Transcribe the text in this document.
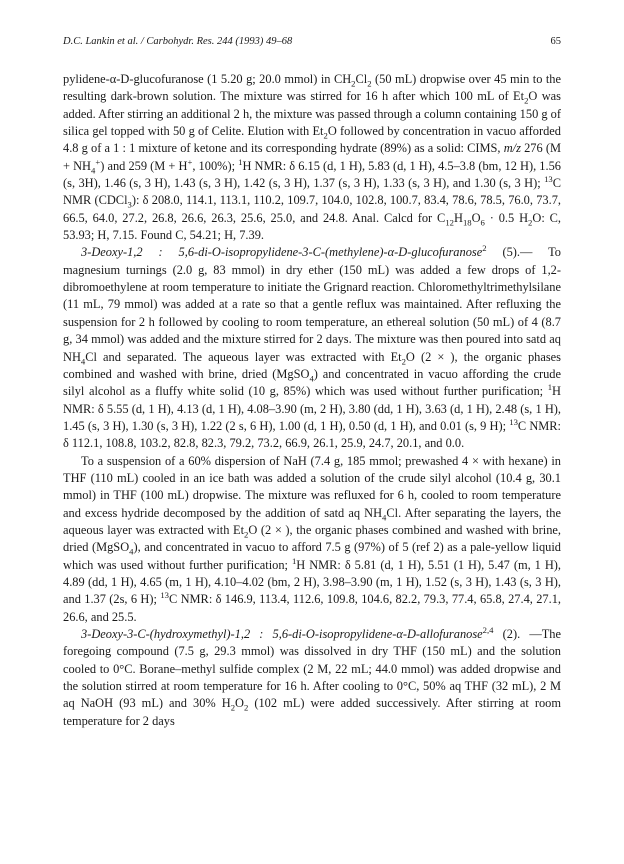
D.C. Lankin et al. / Carbohydr. Res. 244 (1993) 49–68	65

pylidene-α-D-glucofuranose (1 5.20 g; 20.0 mmol) in $CH_2Cl_2$ (50 mL) dropwise over 45 min to the resulting dark-brown solution. The mixture was stirred for 16 h after which 100 mL of $Et_2O$ was added. After stirring an additional 2 h, the mixture was passed through a column containing 150 g of silica gel topped with 50 g of Celite. Elution with $Et_2O$ followed by concentration in vacuo afforded 4.8 g of a 1 : 1 mixture of ketone and its corresponding hydrate (89%) as a solid: CIMS, m/z 276 $(M + NH_4^+)$ and 259 (M + H+, 100%); $^1$H NMR: δ 6.15 (d, 1 H), 5.83 (d, 1 H), 4.5–3.8 (bm, 12 H), 1.56 (s, 3H), 1.46 (s, 3 H), 1.43 (s, 3 H), 1.42 (s, 3 H), 1.37 (s, 3 H), 1.33 (s, 3 H), and 1.30 (s, 3 H); $^{13}$C NMR (CDCl$_3$): δ 208.0, 114.1, 113.1, 110.2, 109.7, 104.0, 102.8, 100.7, 83.4, 78.6, 78.5, 76.0, 73.7, 66.5, 64.0, 27.2, 26.8, 26.6, 26.3, 25.6, 25.0, and 24.8. Anal. Calcd for $C_{12}H_{18}O_6 \cdot 0.5$ $H_2O$: C, 53.93; H, 7.15. Found C, 54.21; H, 7.39.

3-Deoxy-1,2 : 5,6-di-O-isopropylidene-3-C-(methylene)-α-D-glucofuranose$^2$ (5).— To magnesium turnings (2.0 g, 83 mmol) in dry ether (150 mL) was added a few drops of 1,2-dibromoethylene at room temperature to initiate the Grignard reaction. Chloromethyltrimethylsilane (11 mL, 79 mmol) was added at a rate so that a gentle reflux was maintained. After refluxing the suspension for 2 h followed by cooling to room temperature, an ethereal solution (50 mL) of 4 (8.7 g, 34 mmol) was added and the mixture stirred for 2 days. The mixture was then poured into satd aq $NH_4Cl$ and separated. The aqueous layer was extracted with $Et_2O$ (2 × ), the organic phases combined and washed with brine, dried (MgSO$_4$) and concentrated in vacuo affording the crude silyl alcohol as a fluffy white solid (10 g, 85%) which was used without further purification; $^1$H NMR: δ 5.55 (d, 1 H), 4.13 (d, 1 H), 4.08–3.90 (m, 2 H), 3.80 (dd, 1 H), 3.63 (d, 1 H), 2.48 (s, 1 H), 1.45 (s, 3 H), 1.30 (s, 3 H), 1.22 (2 s, 6 H), 1.00 (d, 1 H), 0.50 (d, 1 H), and 0.01 (s, 9 H); $^{13}$C NMR: δ 112.1, 108.8, 103.2, 82.8, 82.3, 79.2, 73.2, 66.9, 26.1, 25.9, 24.7, 20.1, and 0.0.

To a suspension of a 60% dispersion of NaH (7.4 g, 185 mmol; prewashed 4 × with hexane) in THF (110 mL) cooled in an ice bath was added a solution of the crude silyl alcohol (10.4 g, 30.1 mmol) in THF (100 mL) dropwise. The mixture was refluxed for 6 h, cooled to room temperature and excess hydride decomposed by the addition of satd aq $NH_4Cl$. After separating the layers, the aqueous layer was extracted with $Et_2O$ (2 × ), the organic phases combined and washed with brine, dried (MgSO$_4$), and concentrated in vacuo to afford 7.5 g (97%) of 5 (ref 2) as a pale-yellow liquid which was used without further purification; $^1$H NMR: δ 5.81 (d, 1 H), 5.51 (1 H), 5.47 (m, 1 H), 4.89 (dd, 1 H), 4.65 (m, 1 H), 4.10–4.02 (bm, 2 H), 3.98–3.90 (m, 1 H), 1.52 (s, 3 H), 1.43 (s, 3 H), and 1.37 (2s, 6 H); $^{13}$C NMR: δ 146.9, 113.4, 112.6, 109.8, 104.6, 82.2, 79.3, 77.4, 65.8, 27.4, 27.1, 26.6, and 25.5.

3-Deoxy-3-C-(hydroxymethyl)-1,2 : 5,6-di-O-isopropylidene-α-D-allofuranose$^{2,4}$ (2). —The foregoing compound (7.5 g, 29.3 mmol) was dissolved in dry THF (150 mL) and the solution cooled to 0°C. Borane–methyl sulfide complex (2 M, 22 mL; 44.0 mmol) was added dropwise and the solution stirred at room temperature for 16 h. After cooling to 0°C, 50% aq THF (32 mL), 2 M aq NaOH (93 mL) and 30% $H_2O_2$ (102 mL) were added successively. After stirring at room temperature for 2 days
